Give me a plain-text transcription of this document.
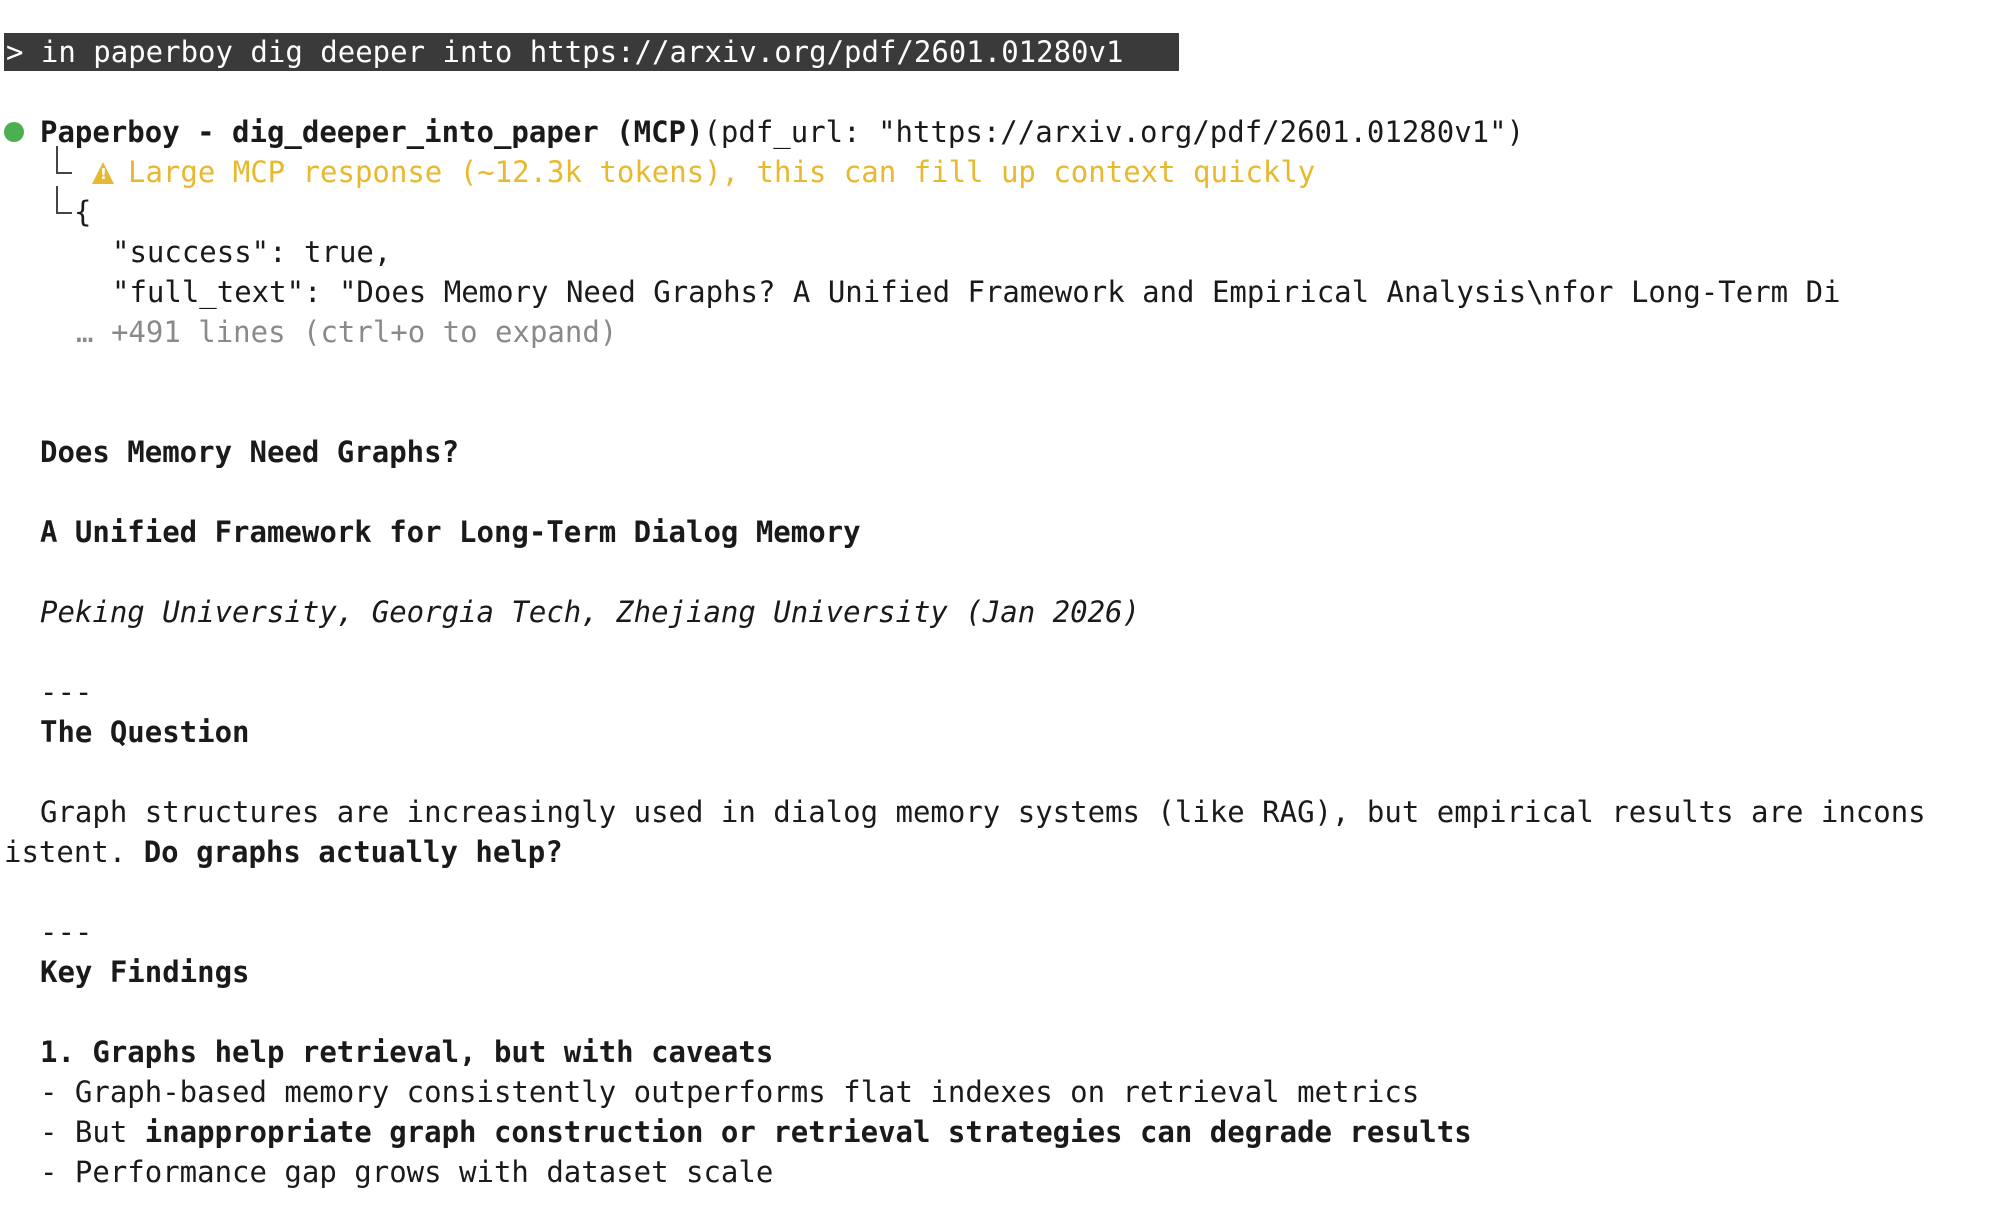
> in paperboy dig deeper into https://arxiv.org/pdf/2601.01280v1
Paperboy - dig_deeper_into_paper (MCP)(pdf_url: "https://arxiv.org/pdf/2601.01280v1")
!Large MCP response (~12.3k tokens), this can fill up context quickly
{
"success": true,
"full_text": "Does Memory Need Graphs? A Unified Framework and Empirical Analysis\nfor Long-Term Di
… +491 lines (ctrl+o to expand)
Does Memory Need Graphs?
A Unified Framework for Long-Term Dialog Memory
Peking University, Georgia Tech, Zhejiang University (Jan 2026)
---
The Question
Graph structures are increasingly used in dialog memory systems (like RAG), but empirical results are incons
istent. Do graphs actually help?
---
Key Findings
1. Graphs help retrieval, but with caveats
- Graph-based memory consistently outperforms flat indexes on retrieval metrics
- But inappropriate graph construction or retrieval strategies can degrade results
- Performance gap grows with dataset scale
